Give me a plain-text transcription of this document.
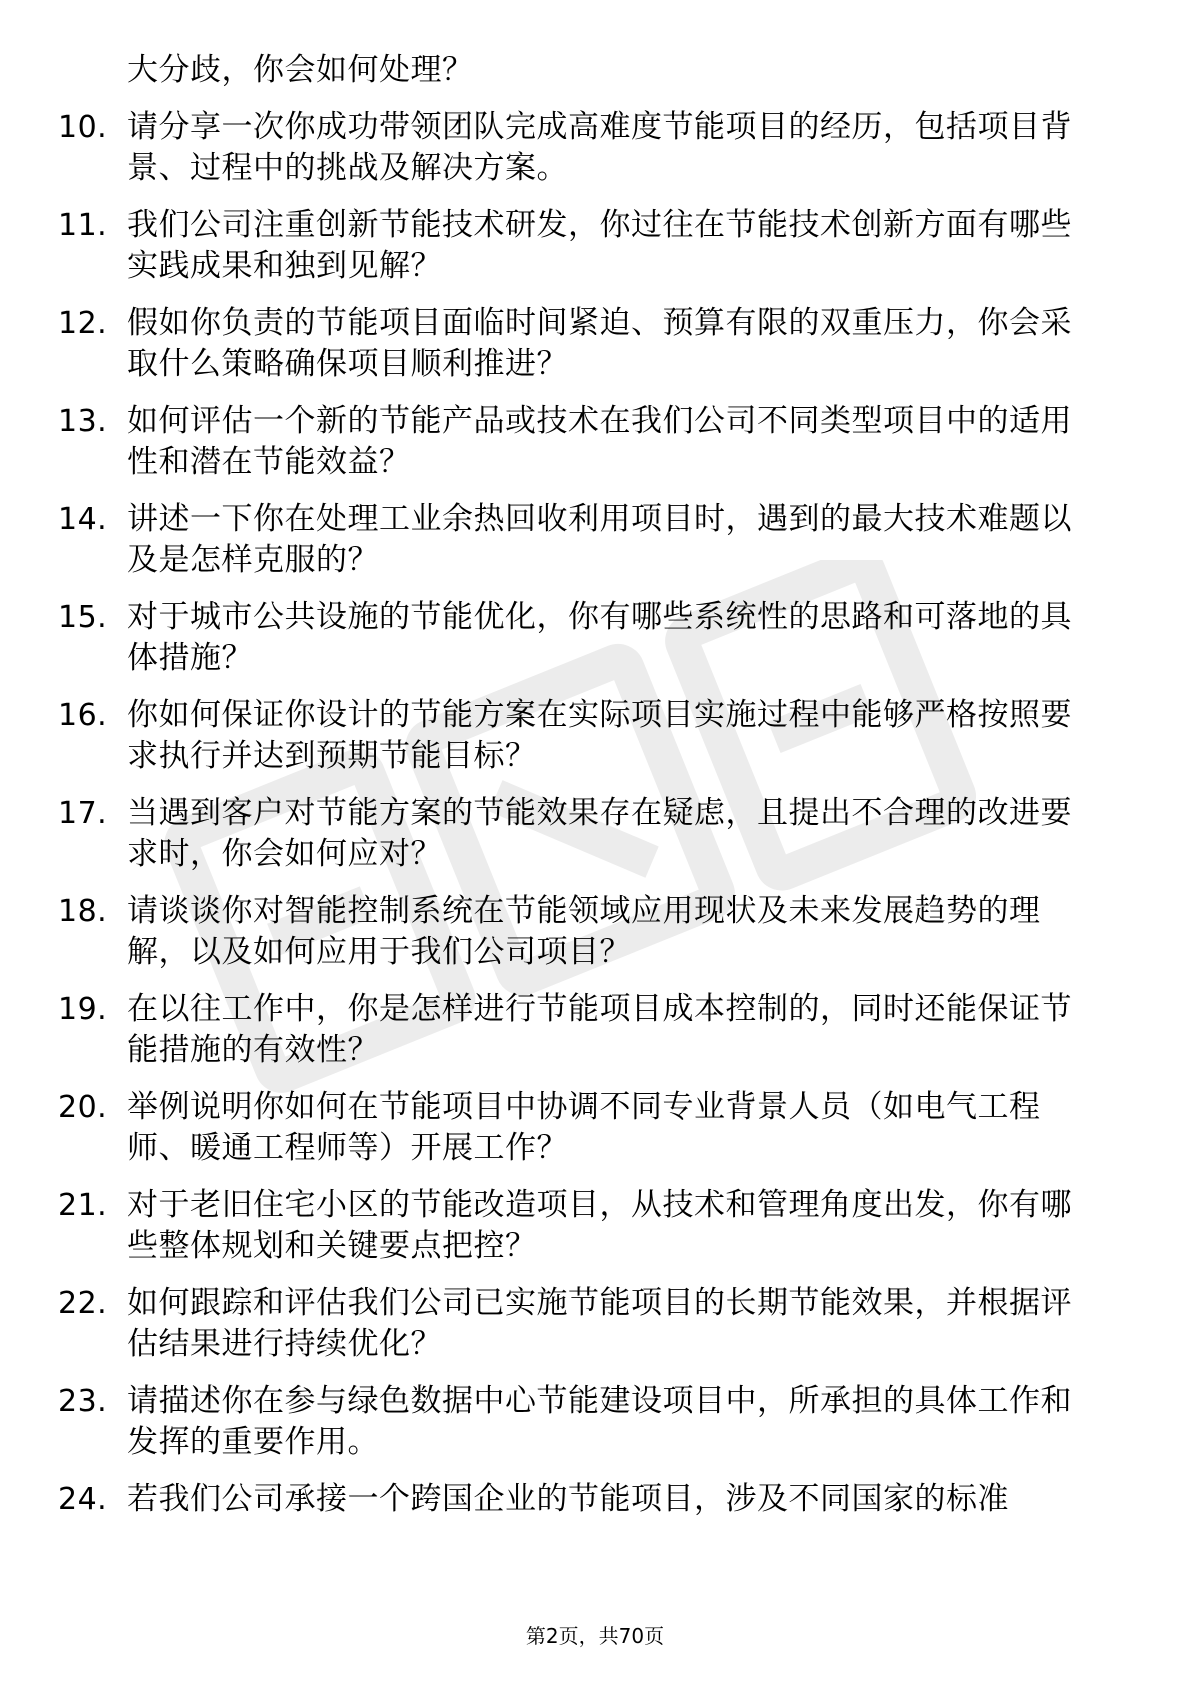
大分歧，你会如何处理？
10. 请分享一次你成功带领团队完成高难度节能项目的经历，包括项目背景、过程中的挑战及解决方案。
11. 我们公司注重创新节能技术研发，你过往在节能技术创新方面有哪些实践成果和独到见解？
12. 假如你负责的节能项目面临时间紧迫、预算有限的双重压力，你会采取什么策略确保项目顺利推进？
13. 如何评估一个新的节能产品或技术在我们公司不同类型项目中的适用性和潜在节能效益？
14. 讲述一下你在处理工业余热回收利用项目时，遇到的最大技术难题以及是怎样克服的？
15. 对于城市公共设施的节能优化，你有哪些系统性的思路和可落地的具体措施？
16. 你如何保证你设计的节能方案在实际项目实施过程中能够严格按照要求执行并达到预期节能目标？
17. 当遇到客户对节能方案的节能效果存在疑虑，且提出不合理的改进要求时，你会如何应对？
18. 请谈谈你对智能控制系统在节能领域应用现状及未来发展趋势的理解，以及如何应用于我们公司项目？
19. 在以往工作中，你是怎样进行节能项目成本控制的，同时还能保证节能措施的有效性？
20. 举例说明你如何在节能项目中协调不同专业背景人员（如电气工程师、暖通工程师等）开展工作？
21. 对于老旧住宅小区的节能改造项目，从技术和管理角度出发，你有哪些整体规划和关键要点把控？
22. 如何跟踪和评估我们公司已实施节能项目的长期节能效果，并根据评估结果进行持续优化？
23. 请描述你在参与绿色数据中心节能建设项目中，所承担的具体工作和发挥的重要作用。
24. 若我们公司承接一个跨国企业的节能项目，涉及不同国家的标准
第2页，共70页
